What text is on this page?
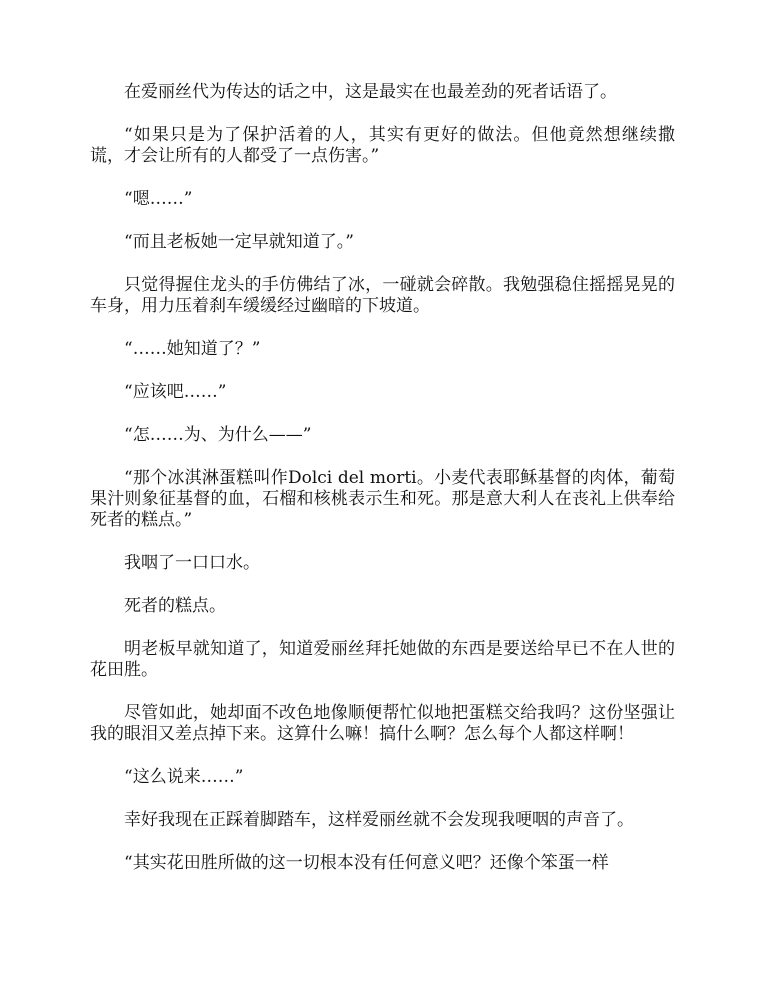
在爱丽丝代为传达的话之中，这是最实在也最差劲的死者话语了。

“如果只是为了保护活着的人，其实有更好的做法。但他竟然想继续撒谎，才会让所有的人都受了一点伤害。”

“嗯……”

“而且老板她一定早就知道了。”

只觉得握住龙头的手仿佛结了冰，一碰就会碎散。我勉强稳住摇摇晃晃的车身，用力压着刹车缓缓经过幽暗的下坡道。

“……她知道了？”

“应该吧……”

“怎……为、为什么——”

“那个冰淇淋蛋糕叫作Dolci del morti。小麦代表耶稣基督的肉体，葡萄果汁则象征基督的血，石榴和核桃表示生和死。那是意大利人在丧礼上供奉给死者的糕点。”

我咽了一口口水。

死者的糕点。

明老板早就知道了，知道爱丽丝拜托她做的东西是要送给早已不在人世的花田胜。

尽管如此，她却面不改色地像顺便帮忙似地把蛋糕交给我吗？这份坚强让我的眼泪又差点掉下来。这算什么嘛！搞什么啊？怎么每个人都这样啊！

“这么说来……”

幸好我现在正踩着脚踏车，这样爱丽丝就不会发现我哽咽的声音了。

“其实花田胜所做的这一切根本没有任何意义吧？还像个笨蛋一样
